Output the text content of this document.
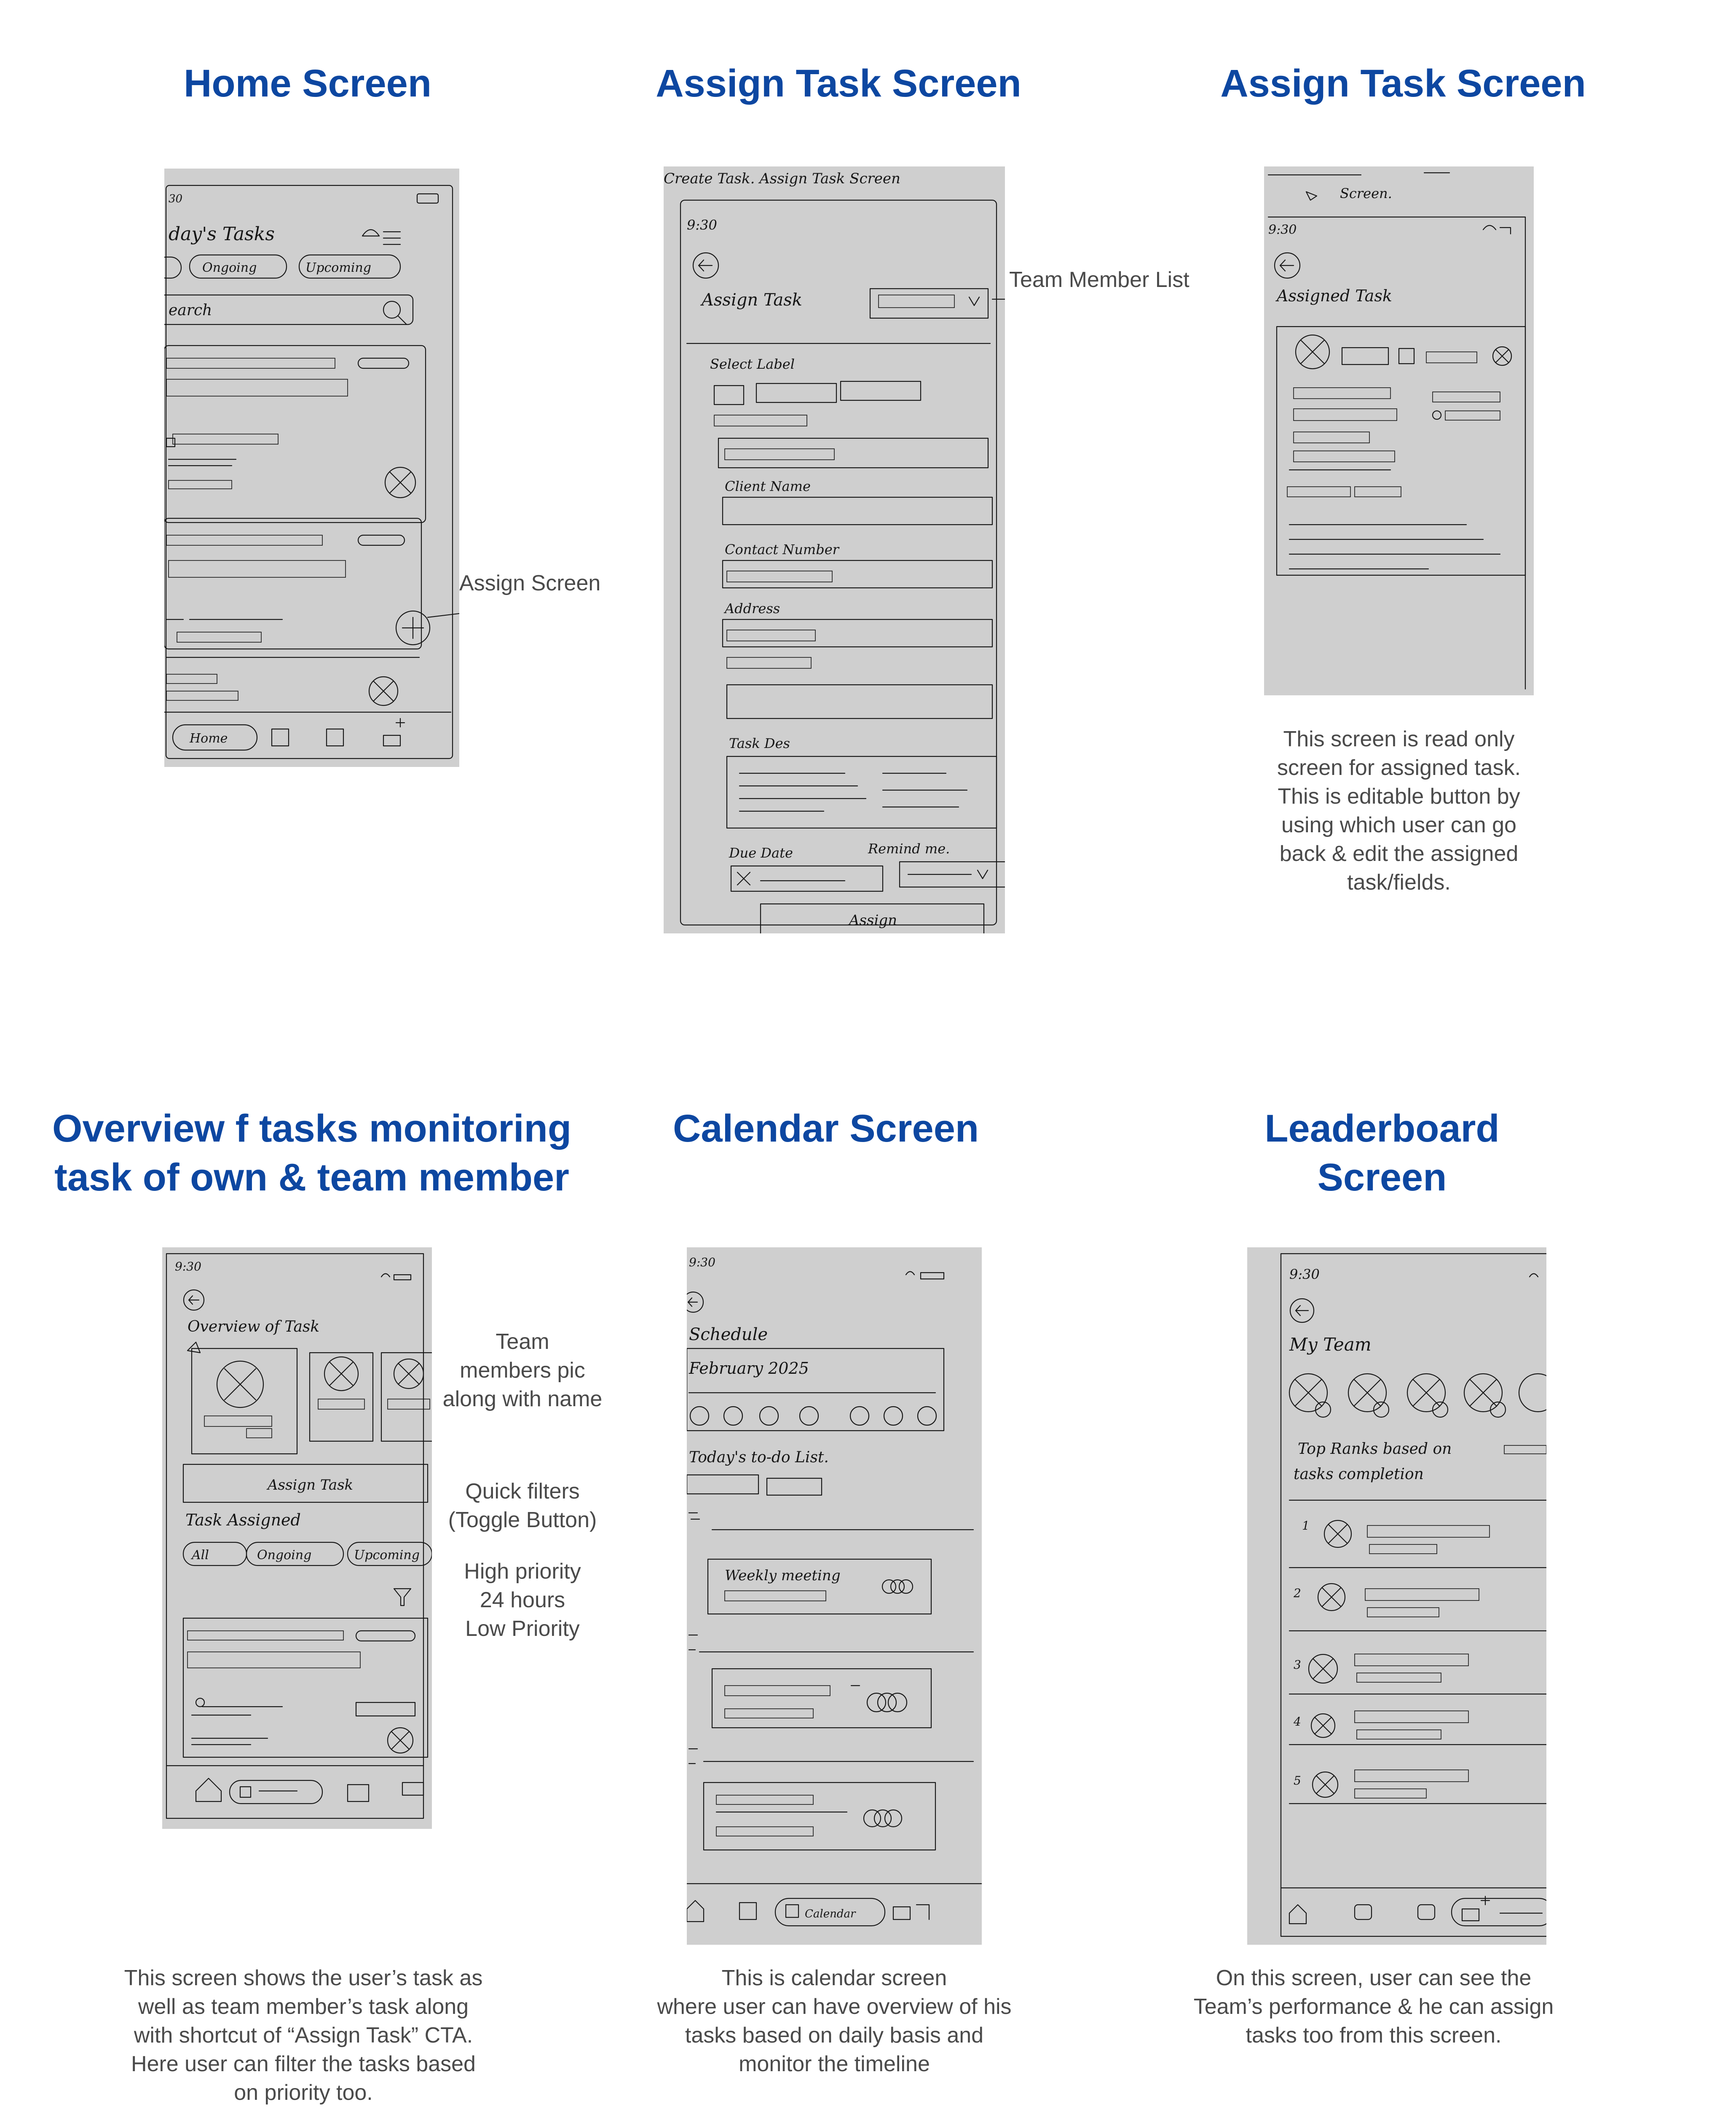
Home Screen	Assign Task Screen	Assign Task Screen
Overview f tasks monitoring
task of own & team member
Calendar Screen	Leaderboard
Screen
30
day's Tasks
Ongoing	Upcoming
earch
Home
Assign Screen
Create Task. Assign Task Screen
9:30
Assign Task
Select Label
Client Name
Contact Number
Address
Task Des
Due Date	Remind me.
Assign
Team Member List
Screen.
9:30
Assigned Task
This screen is read only
screen for assigned task.
This is editable button by
using which user can go
back & edit the assigned
task/fields.
9:30
Overview of Task
Assign Task
Task Assigned
All	Ongoing	Upcoming
Team
members pic
along with name
Quick filters
(Toggle Button)
High priority
24 hours
Low Priority
This screen shows the user’s task as
well as team member’s task along
with shortcut of “Assign Task” CTA.
Here user can filter the tasks based
on priority too.
9:30
Schedule
February 2025
Today's to-do List.
Weekly meeting
Calendar
This is calendar screen
where user can have overview of his
tasks based on daily basis and
monitor the timeline
9:30
My Team
Top Ranks based on
tasks completion
1
2
3
4
5
On this screen, user can see the
Team’s performance & he can assign
tasks too from this screen.
